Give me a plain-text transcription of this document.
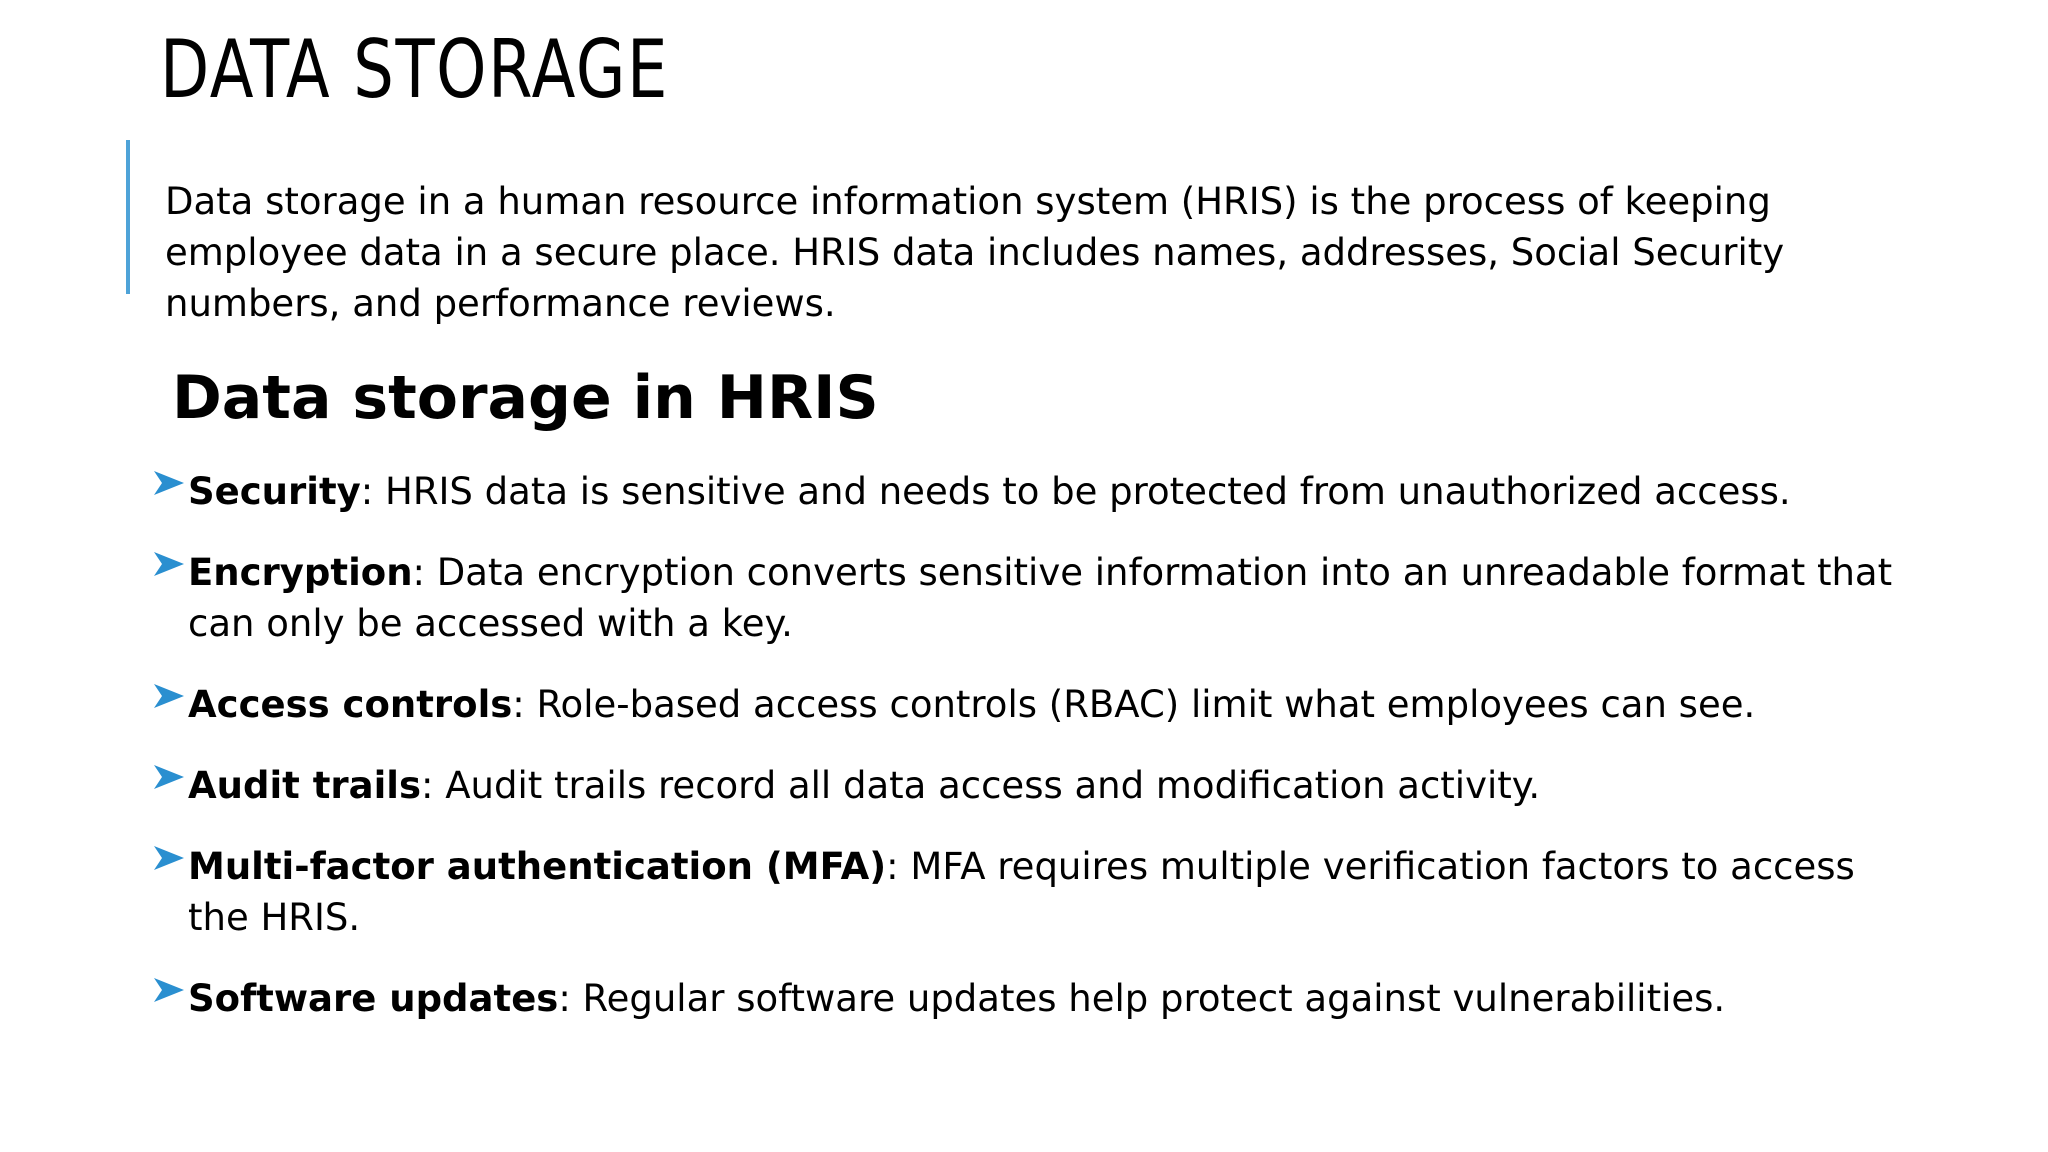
DATA STORAGE

Data storage in a human resource information system (HRIS) is the process of keeping employee data in a secure place. HRIS data includes names, addresses, Social Security numbers, and performance reviews.

Data storage in HRIS
Security: HRIS data is sensitive and needs to be protected from unauthorized access.
Encryption: Data encryption converts sensitive information into an unreadable format that can only be accessed with a key.
Access controls: Role-based access controls (RBAC) limit what employees can see.
Audit trails: Audit trails record all data access and modification activity.
Multi-factor authentication (MFA): MFA requires multiple verification factors to access the HRIS.
Software updates: Regular software updates help protect against vulnerabilities.
